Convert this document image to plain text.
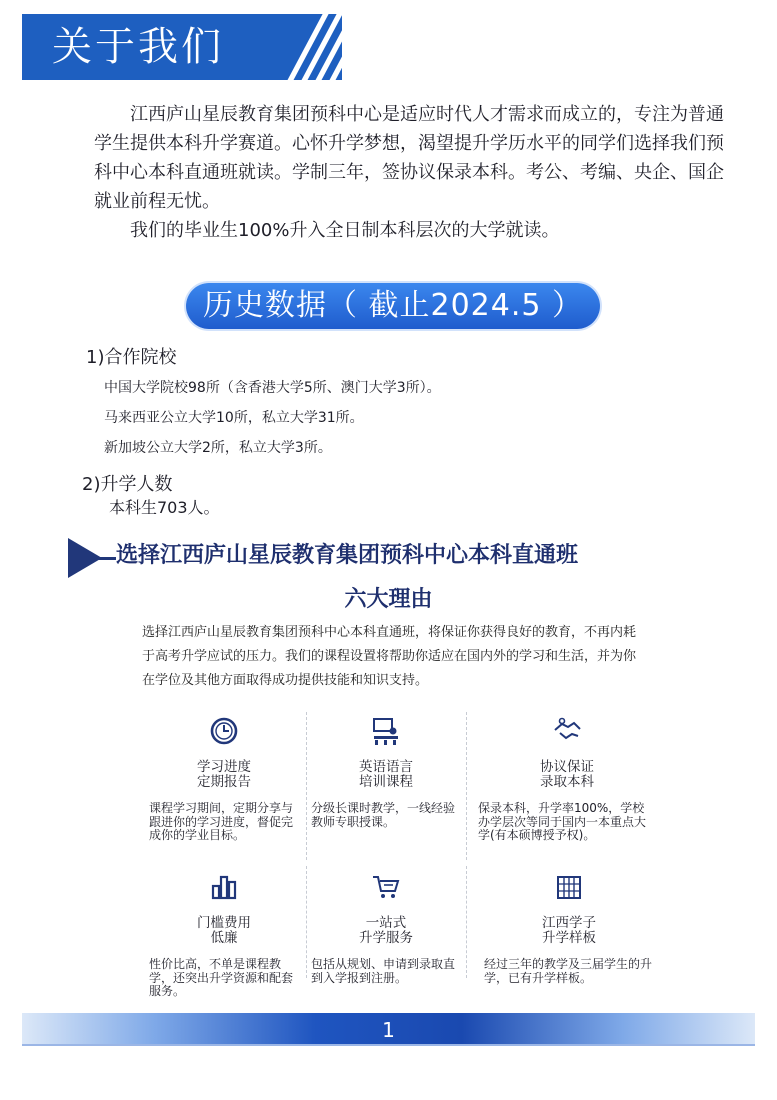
关于我们

江西庐山星辰教育集团预科中心是适应时代人才需求而成立的，专注为普通学生提供本科升学赛道。心怀升学梦想，渴望提升学历水平的同学们选择我们预科中心本科直通班就读。学制三年，签协议保录本科。考公、考编、央企、国企就业前程无忧。

我们的毕业生100%升入全日制本科层次的大学就读。

历史数据（ 截止2024.5 ）
1)合作院校
中国大学院校98所（含香港大学5所、澳门大学3所）。
马来西亚公立大学10所，私立大学31所。
新加坡公立大学2所，私立大学3所。
2)升学人数
本科生703人。
选择江西庐山星辰教育集团预科中心本科直通班
六大理由
选择江西庐山星辰教育集团预科中心本科直通班，将保证你获得良好的教育，不再内耗于高考升学应试的压力。我们的课程设置将帮助你适应在国内外的学习和生活，并为你在学位及其他方面取得成功提供技能和知识支持。
学习进度
定期报告
课程学习期间，定期分享与跟进你的学习进度，督促完成你的学业目标。
英语语言
培训课程
分级长课时教学，一线经验教师专职授课。
协议保证
录取本科
保录本科，升学率100%，学校办学层次等同于国内一本重点大学(有本硕博授予权)。
门槛费用
低廉
性价比高，不单是课程教学，还突出升学资源和配套服务。
一站式
升学服务
包括从规划、申请到录取直到入学报到注册。
江西学子
升学样板
经过三年的教学及三届学生的升学，已有升学样板。
1
